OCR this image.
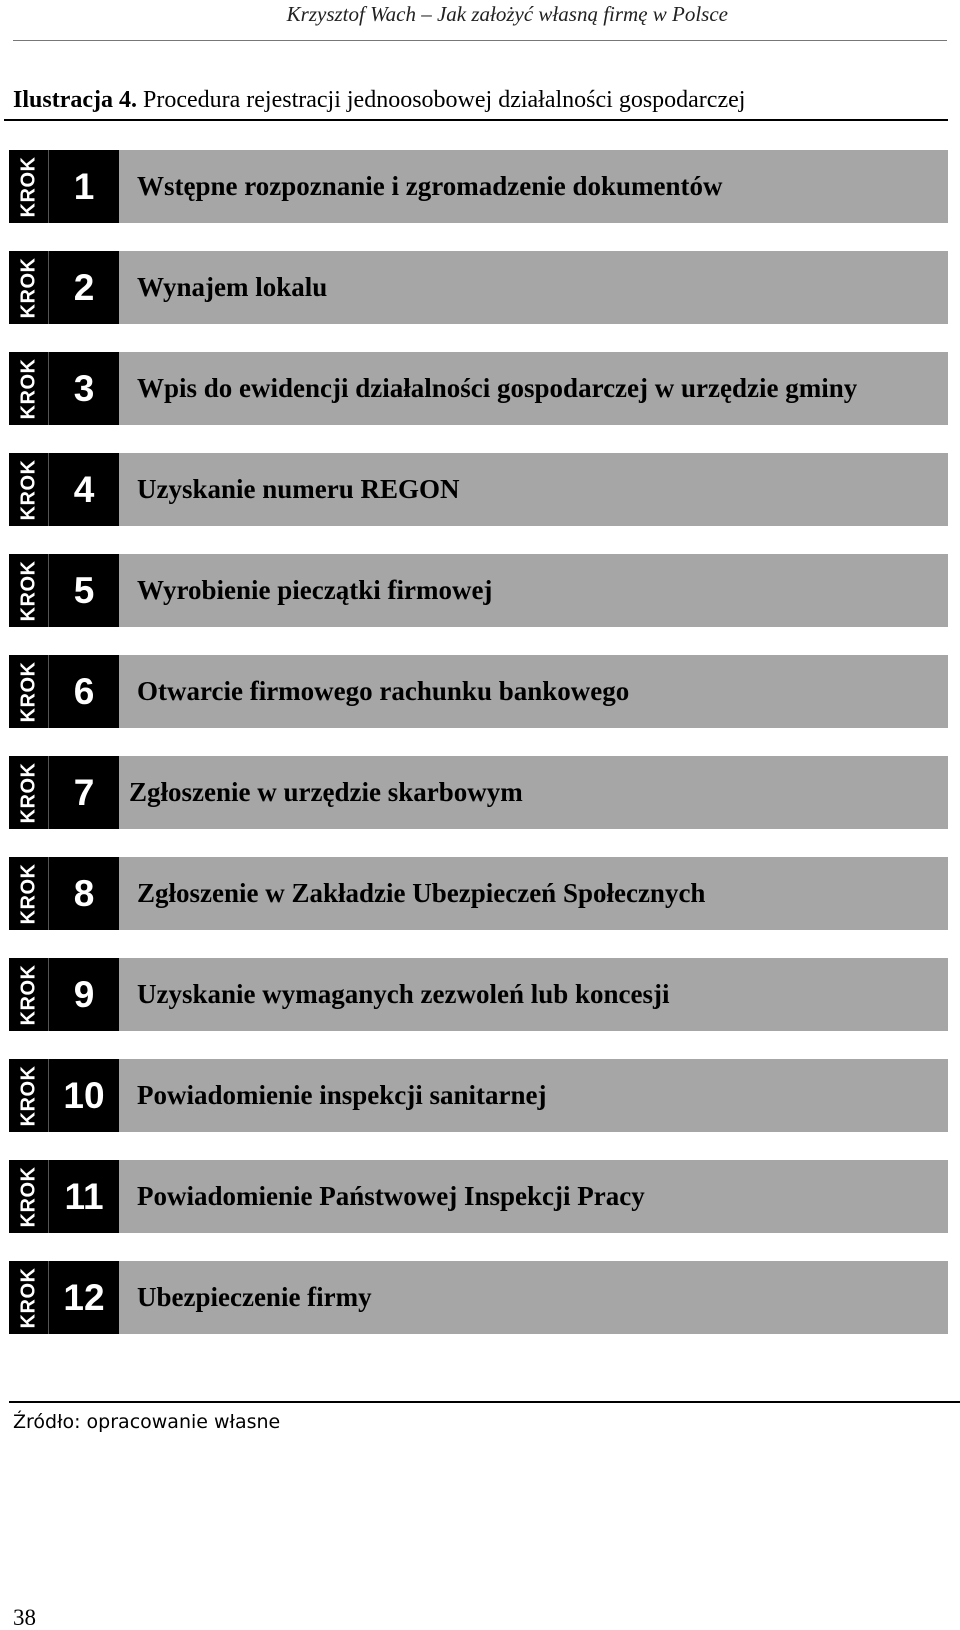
Krzysztof Wach – Jak założyć własną firmę w Polsce
Ilustracja 4. Procedura rejestracji jednoosobowej działalności gospodarczej
KROK 1	Wstępne rozpoznanie i zgromadzenie dokumentów
KROK 2	Wynajem lokalu
KROK 3	Wpis do ewidencji działalności gospodarczej w urzędzie gminy
KROK 4	Uzyskanie numeru REGON
KROK 5	Wyrobienie pieczątki firmowej
KROK 6	Otwarcie firmowego rachunku bankowego
KROK 7	Zgłoszenie w urzędzie skarbowym
KROK 8	Zgłoszenie w Zakładzie Ubezpieczeń Społecznych
KROK 9	Uzyskanie wymaganych zezwoleń lub koncesji
KROK 10	Powiadomienie inspekcji sanitarnej
KROK 11	Powiadomienie Państwowej Inspekcji Pracy
KROK 12	Ubezpieczenie firmy
Źródło: opracowanie własne
38
